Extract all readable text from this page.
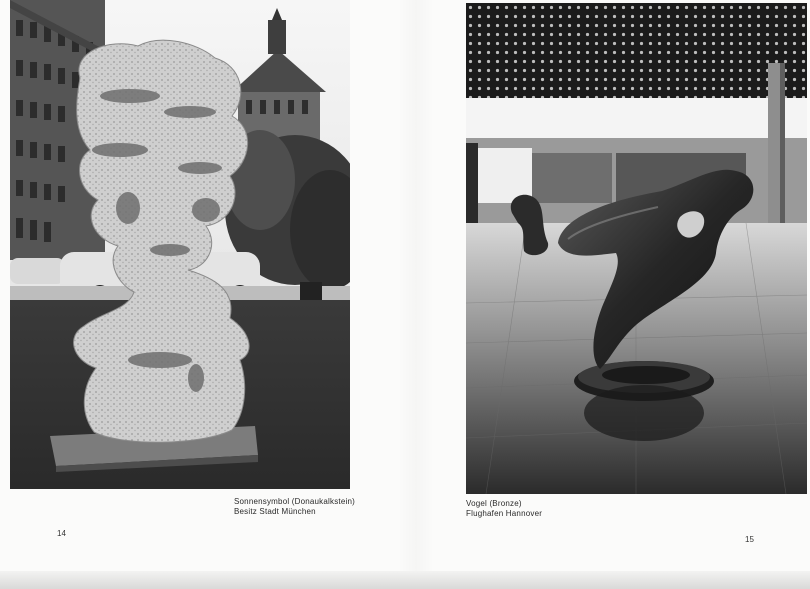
Sonnensymbol (Donaukalkstein)
Besitz Stadt München
Vogel (Bronze)
Flughafen Hannover
14
15
